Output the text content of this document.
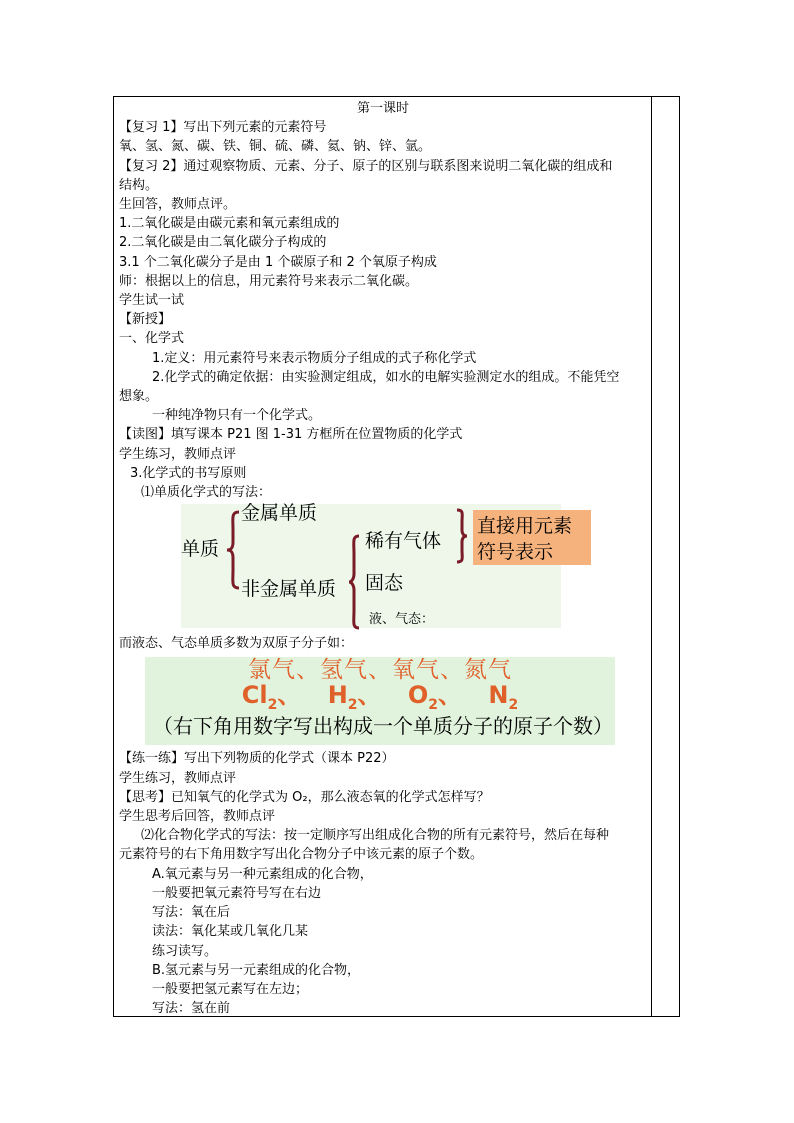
第一课时
【复习 1】写出下列元素的元素符号
氧、氢、氮、碳、铁、铜、硫、磷、氦、钠、锌、氩。
【复习 2】通过观察物质、元素、分子、原子的区别与联系图来说明二氧化碳的组成和
结构。
生回答，教师点评。
1.二氧化碳是由碳元素和氧元素组成的
2.二氧化碳是由二氧化碳分子构成的
3.1 个二氧化碳分子是由 1 个碳原子和 2 个氧原子构成
师：根据以上的信息，用元素符号来表示二氧化碳。
学生试一试
【新授】
一、化学式
1.定义：用元素符号来表示物质分子组成的式子称化学式
2.化学式的确定依据：由实验测定组成，如水的电解实验测定水的组成。不能凭空
想象。
一种纯净物只有一个化学式。
【读图】填写课本 P21 图 1-31 方框所在位置物质的化学式
学生练习，教师点评
3.化学式的书写原则
⑴单质化学式的写法：
单质
金属单质
非金属单质
稀有气体
固态
液、气态：
直接用元素符号表示
而液态、气态单质多数为双原子分子如：
氯气、氢气、氧气、氮气
$Cl_2$、 $H_2$、 $O_2$、 $N_2$
（右下角用数字写出构成一个单质分子的原子个数）
【练一练】写出下列物质的化学式（课本 P22）
学生练习，教师点评
【思考】已知氧气的化学式为 O₂，那么液态氧的化学式怎样写？
学生思考后回答，教师点评
⑵化合物化学式的写法：按一定顺序写出组成化合物的所有元素符号，然后在每种
元素符号的右下角用数字写出化合物分子中该元素的原子个数。
A.氧元素与另一种元素组成的化合物，
一般要把氧元素符号写在右边
写法：氧在后
读法：氧化某或几氧化几某
练习读写。
B.氢元素与另一元素组成的化合物，
一般要把氢元素写在左边；
写法：氢在前
